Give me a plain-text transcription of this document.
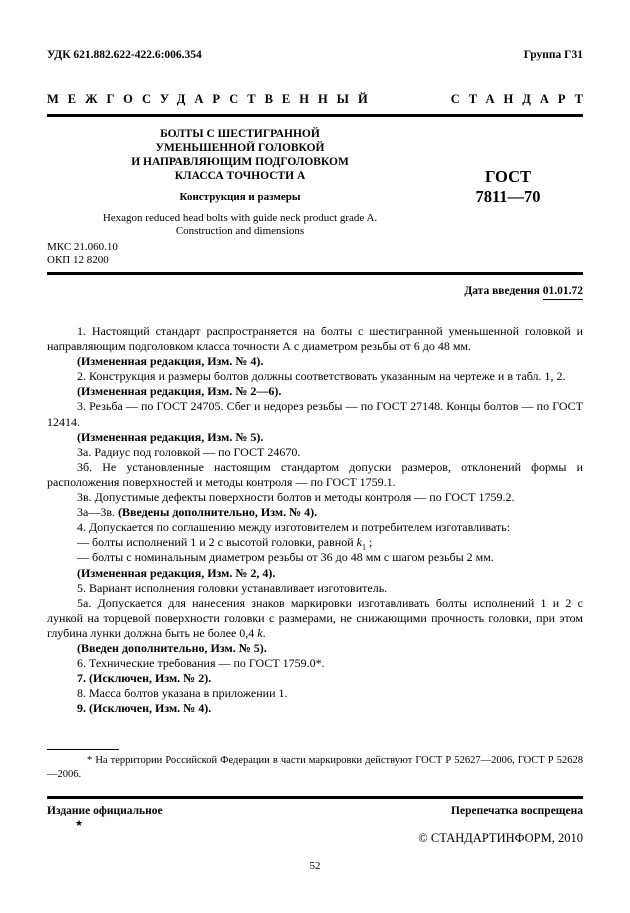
УДК 621.882.622-422.6:006.354	Группа Г31
МЕЖГОСУДАРСТВЕННЫЙ	СТАНДАРТ
БОЛТЫ С ШЕСТИГРАННОЙ
УМЕНЬШЕННОЙ ГОЛОВКОЙ
И НАПРАВЛЯЮЩИМ ПОДГОЛОВКОМ
КЛАССА ТОЧНОСТИ А
Конструкция и размеры
Hexagon reduced head bolts with guide neck product grade A.
Construction and dimensions
ГОСТ
7811—70
МКС 21.060.10
ОКП 12 8200
Дата введения 01.01.72

1. Настоящий стандарт распространяется на болты с шестигранной уменьшенной головкой и направляющим подголовком класса точности А с диаметром резьбы от 6 до 48 мм.

(Измененная редакция, Изм. № 4).

2. Конструкция и размеры болтов должны соответствовать указанным на чертеже и в табл. 1, 2.

(Измененная редакция, Изм. № 2—6).

3. Резьба — по ГОСТ 24705. Сбег и недорез резьбы — по ГОСТ 27148. Концы болтов — по ГОСТ 12414.

(Измененная редакция, Изм. № 5).

3а. Радиус под головкой — по ГОСТ 24670.

3б. Не установленные настоящим стандартом допуски размеров, отклонений формы и расположения поверхностей и методы контроля — по ГОСТ 1759.1.

3в. Допустимые дефекты поверхности болтов и методы контроля — по ГОСТ 1759.2.

3а—3в. (Введены дополнительно, Изм. № 4).

4. Допускается по соглашению между изготовителем и потребителем изготавливать:

— болты исполнений 1 и 2 с высотой головки, равной $k_1$ ;

— болты с номинальным диаметром резьбы от 36 до 48 мм с шагом резьбы 2 мм.

(Измененная редакция, Изм. № 2, 4).

5. Вариант исполнения головки устанавливает изготовитель.

5а. Допускается для нанесения знаков маркировки изготавливать болты исполнений 1 и 2 с лункой на торцевой поверхности головки с размерами, не снижающими прочность головки, при этом глубина лунки должна быть не более 0,4 k.

(Введен дополнительно, Изм. № 5).

6. Технические требования — по ГОСТ 1759.0*.

7. (Исключен, Изм. № 2).

8. Масса болтов указана в приложении 1.

9. (Исключен, Изм. № 4).

* На территории Российской Федерации в части маркировки действуют ГОСТ Р 52627—2006, ГОСТ Р 52628—2006.
Издание официальное	Перепечатка воспрещена
★
© СТАНДАРТИНФОРМ, 2010
52
